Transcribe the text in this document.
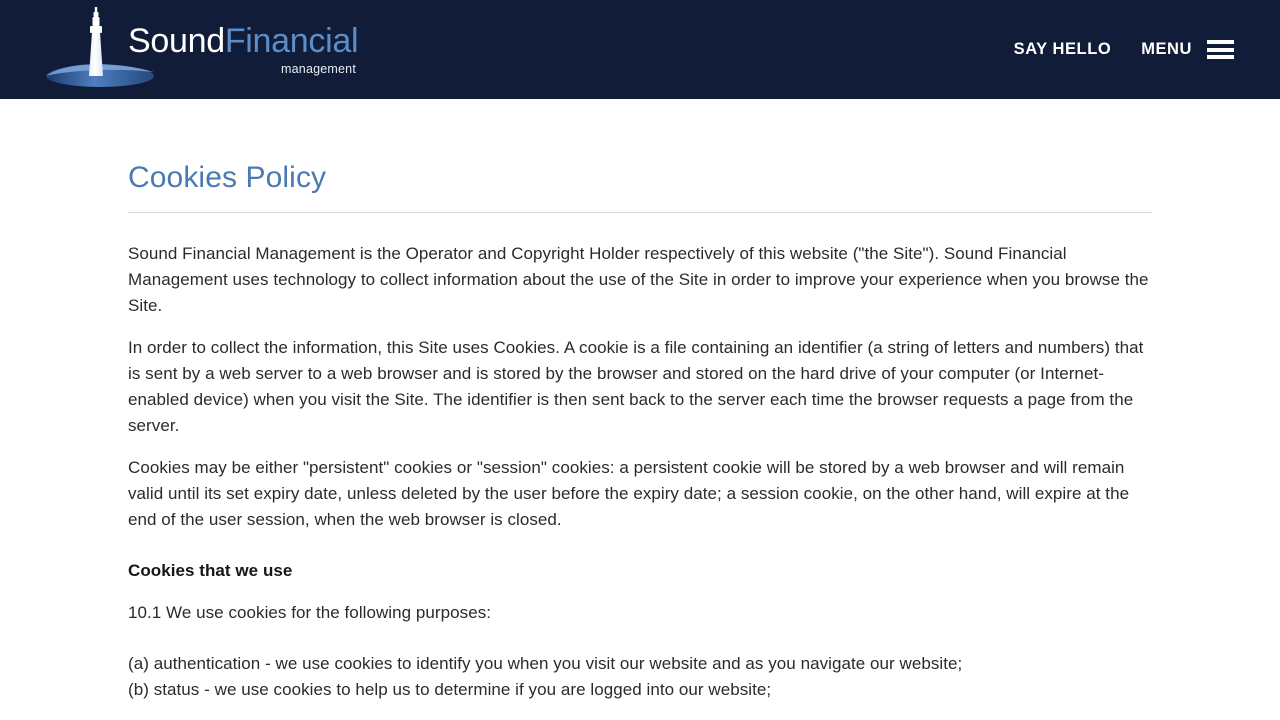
SoundFinancial
management
SAY HELLO MENU
Cookies Policy

Sound Financial Management is the Operator and Copyright Holder respectively of this website ("the Site"). Sound Financial Management uses technology to collect information about the use of the Site in order to improve your experience when you browse the Site.

In order to collect the information, this Site uses Cookies. A cookie is a file containing an identifier (a string of letters and numbers) that is sent by a web server to a web browser and is stored by the browser and stored on the hard drive of your computer (or Internet-enabled device) when you visit the Site. The identifier is then sent back to the server each time the browser requests a page from the server.

Cookies may be either "persistent" cookies or "session" cookies: a persistent cookie will be stored by a web browser and will remain valid until its set expiry date, unless deleted by the user before the expiry date; a session cookie, on the other hand, will expire at the end of the user session, when the web browser is closed.

Cookies that we use

10.1 We use cookies for the following purposes:

(a) authentication - we use cookies to identify you when you visit our website and as you navigate our website;
(b) status - we use cookies to help us to determine if you are logged into our website;
